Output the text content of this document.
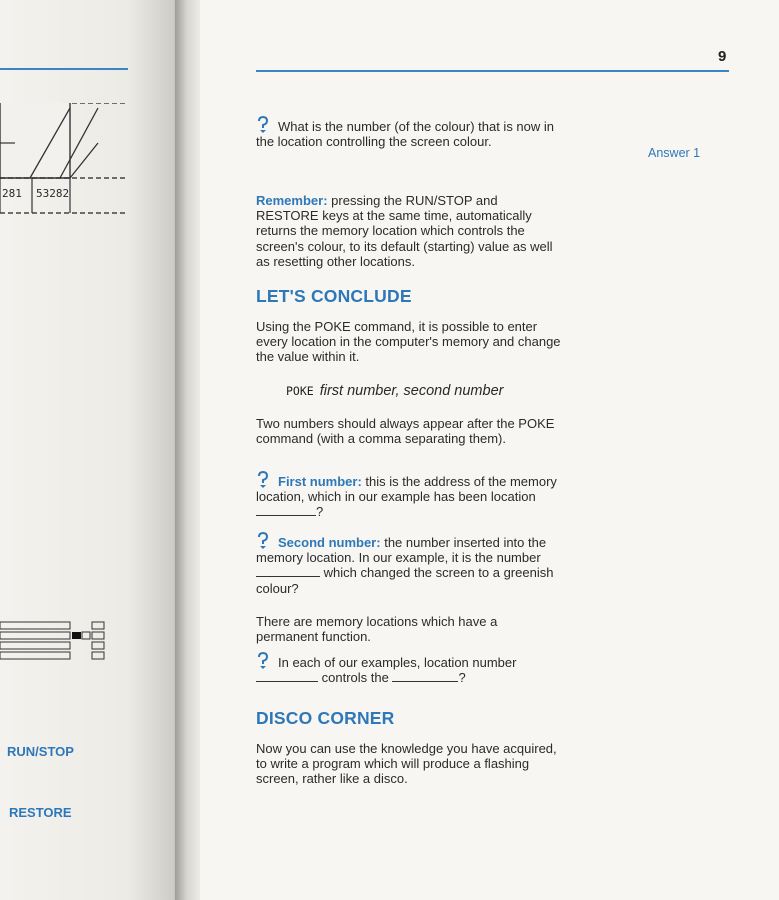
281 53282
RUN/STOP
RESTORE
9
What is the number (of the colour) that is now in the location controlling the screen colour.
Answer 1
Remember: pressing the RUN/STOP and RESTORE keys at the same time, automatically returns the memory location which controls the screen's colour, to its default (starting) value as well as resetting other locations.
LET'S CONCLUDE
Using the POKE command, it is possible to enter every location in the computer's memory and change the value within it.
POKE first number, second number
Two numbers should always appear after the POKE command (with a comma separating them).
First number: this is the address of the memory location, which in our example has been location ?
Second number: the number inserted into the memory location. In our example, it is the number  which changed the screen to a greenish colour?
There are memory locations which have a permanent function.
In each of our examples, location number
controls the	?
DISCO CORNER
Now you can use the knowledge you have acquired, to write a program which will produce a flashing screen, rather like a disco.
